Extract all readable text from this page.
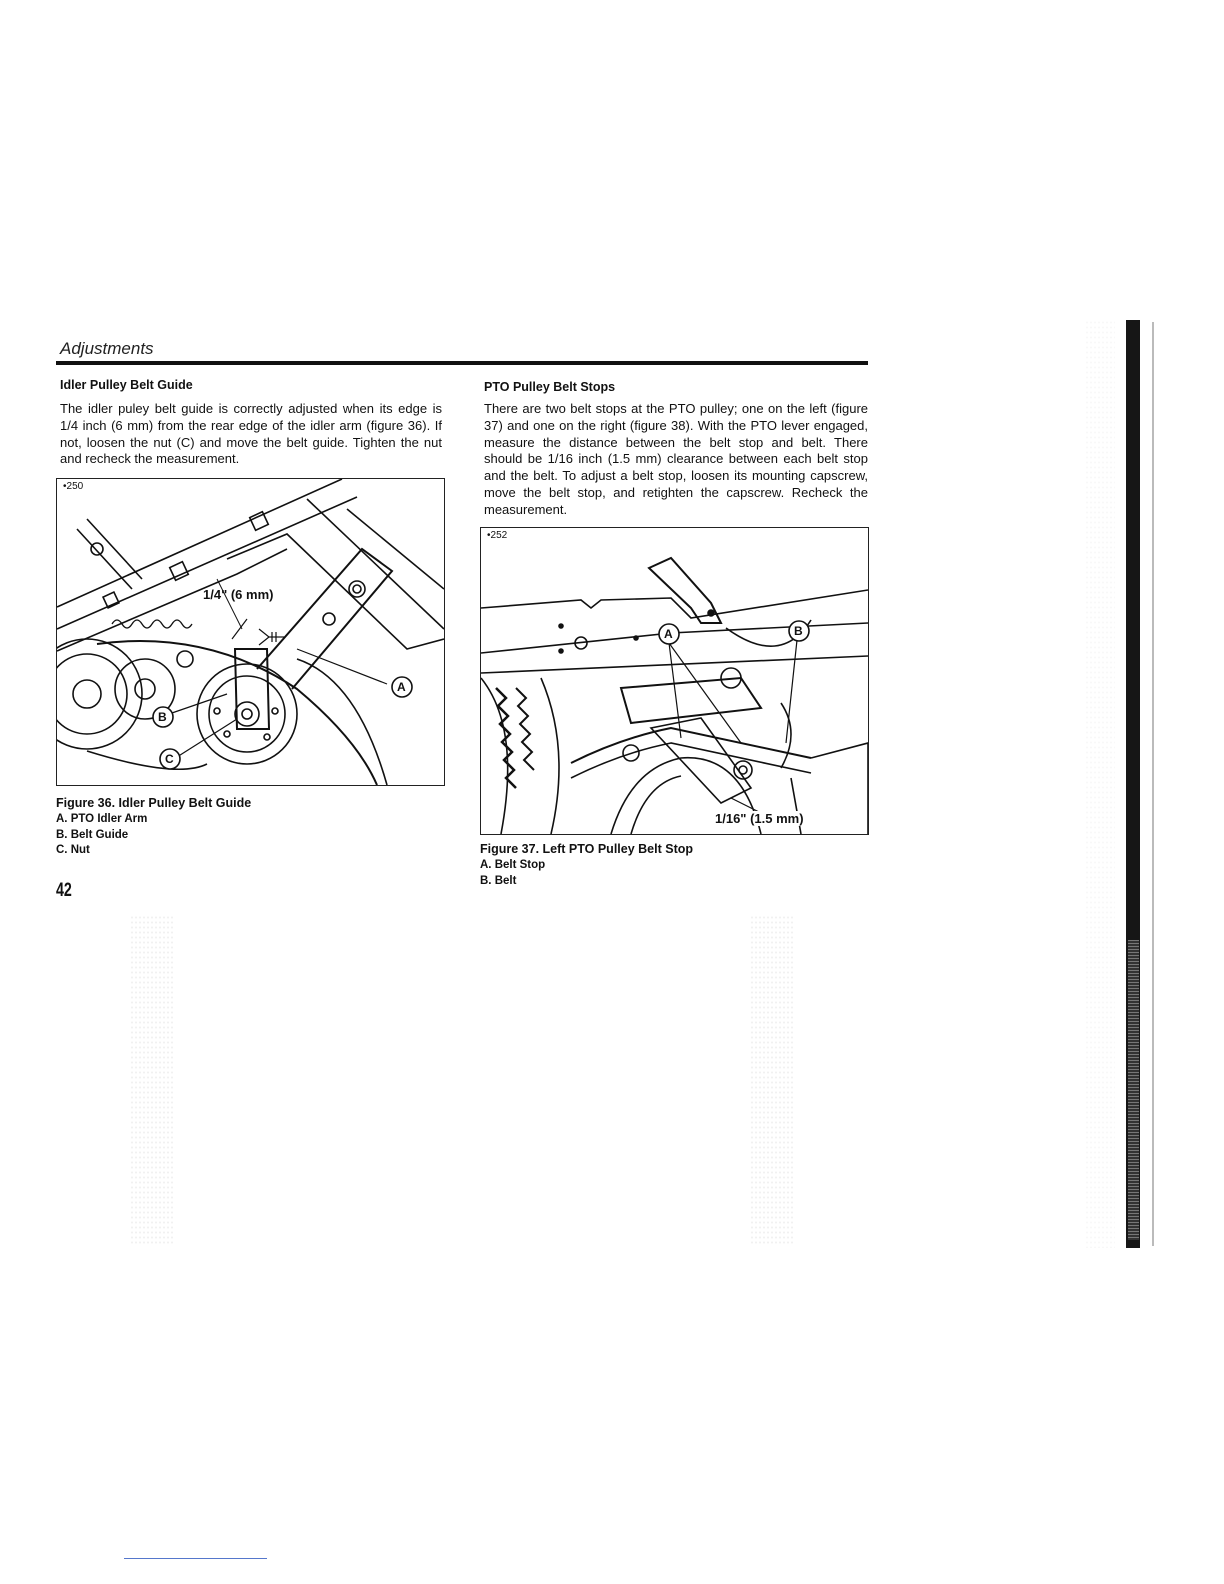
Adjustments
Idler Pulley Belt Guide

The idler puley belt guide is correctly adjusted when its edge is 1/4 inch (6 mm) from the rear edge of the idler arm (figure 36). If not, loosen the nut (C) and move the belt guide. Tighten the nut and recheck the measurement.

•250
1/4" (6 mm)
A
B
C

Figure 36. Idler Pulley Belt Guide

A. PTO Idler Arm

B. Belt Guide

C. Nut

PTO Pulley Belt Stops

There are two belt stops at the PTO pulley; one on the left (figure 37) and one on the right (figure 38). With the PTO lever engaged, measure the distance between the belt stop and belt. There should be 1/16 inch (1.5 mm) clearance between each belt stop and the belt. To adjust a belt stop, loosen its mounting capscrew, move the belt stop, and retighten the capscrew. Recheck the measurement.

•252
A	B
1/16" (1.5 mm)

Figure 37. Left PTO Pulley Belt Stop

A. Belt Stop

B. Belt

42
